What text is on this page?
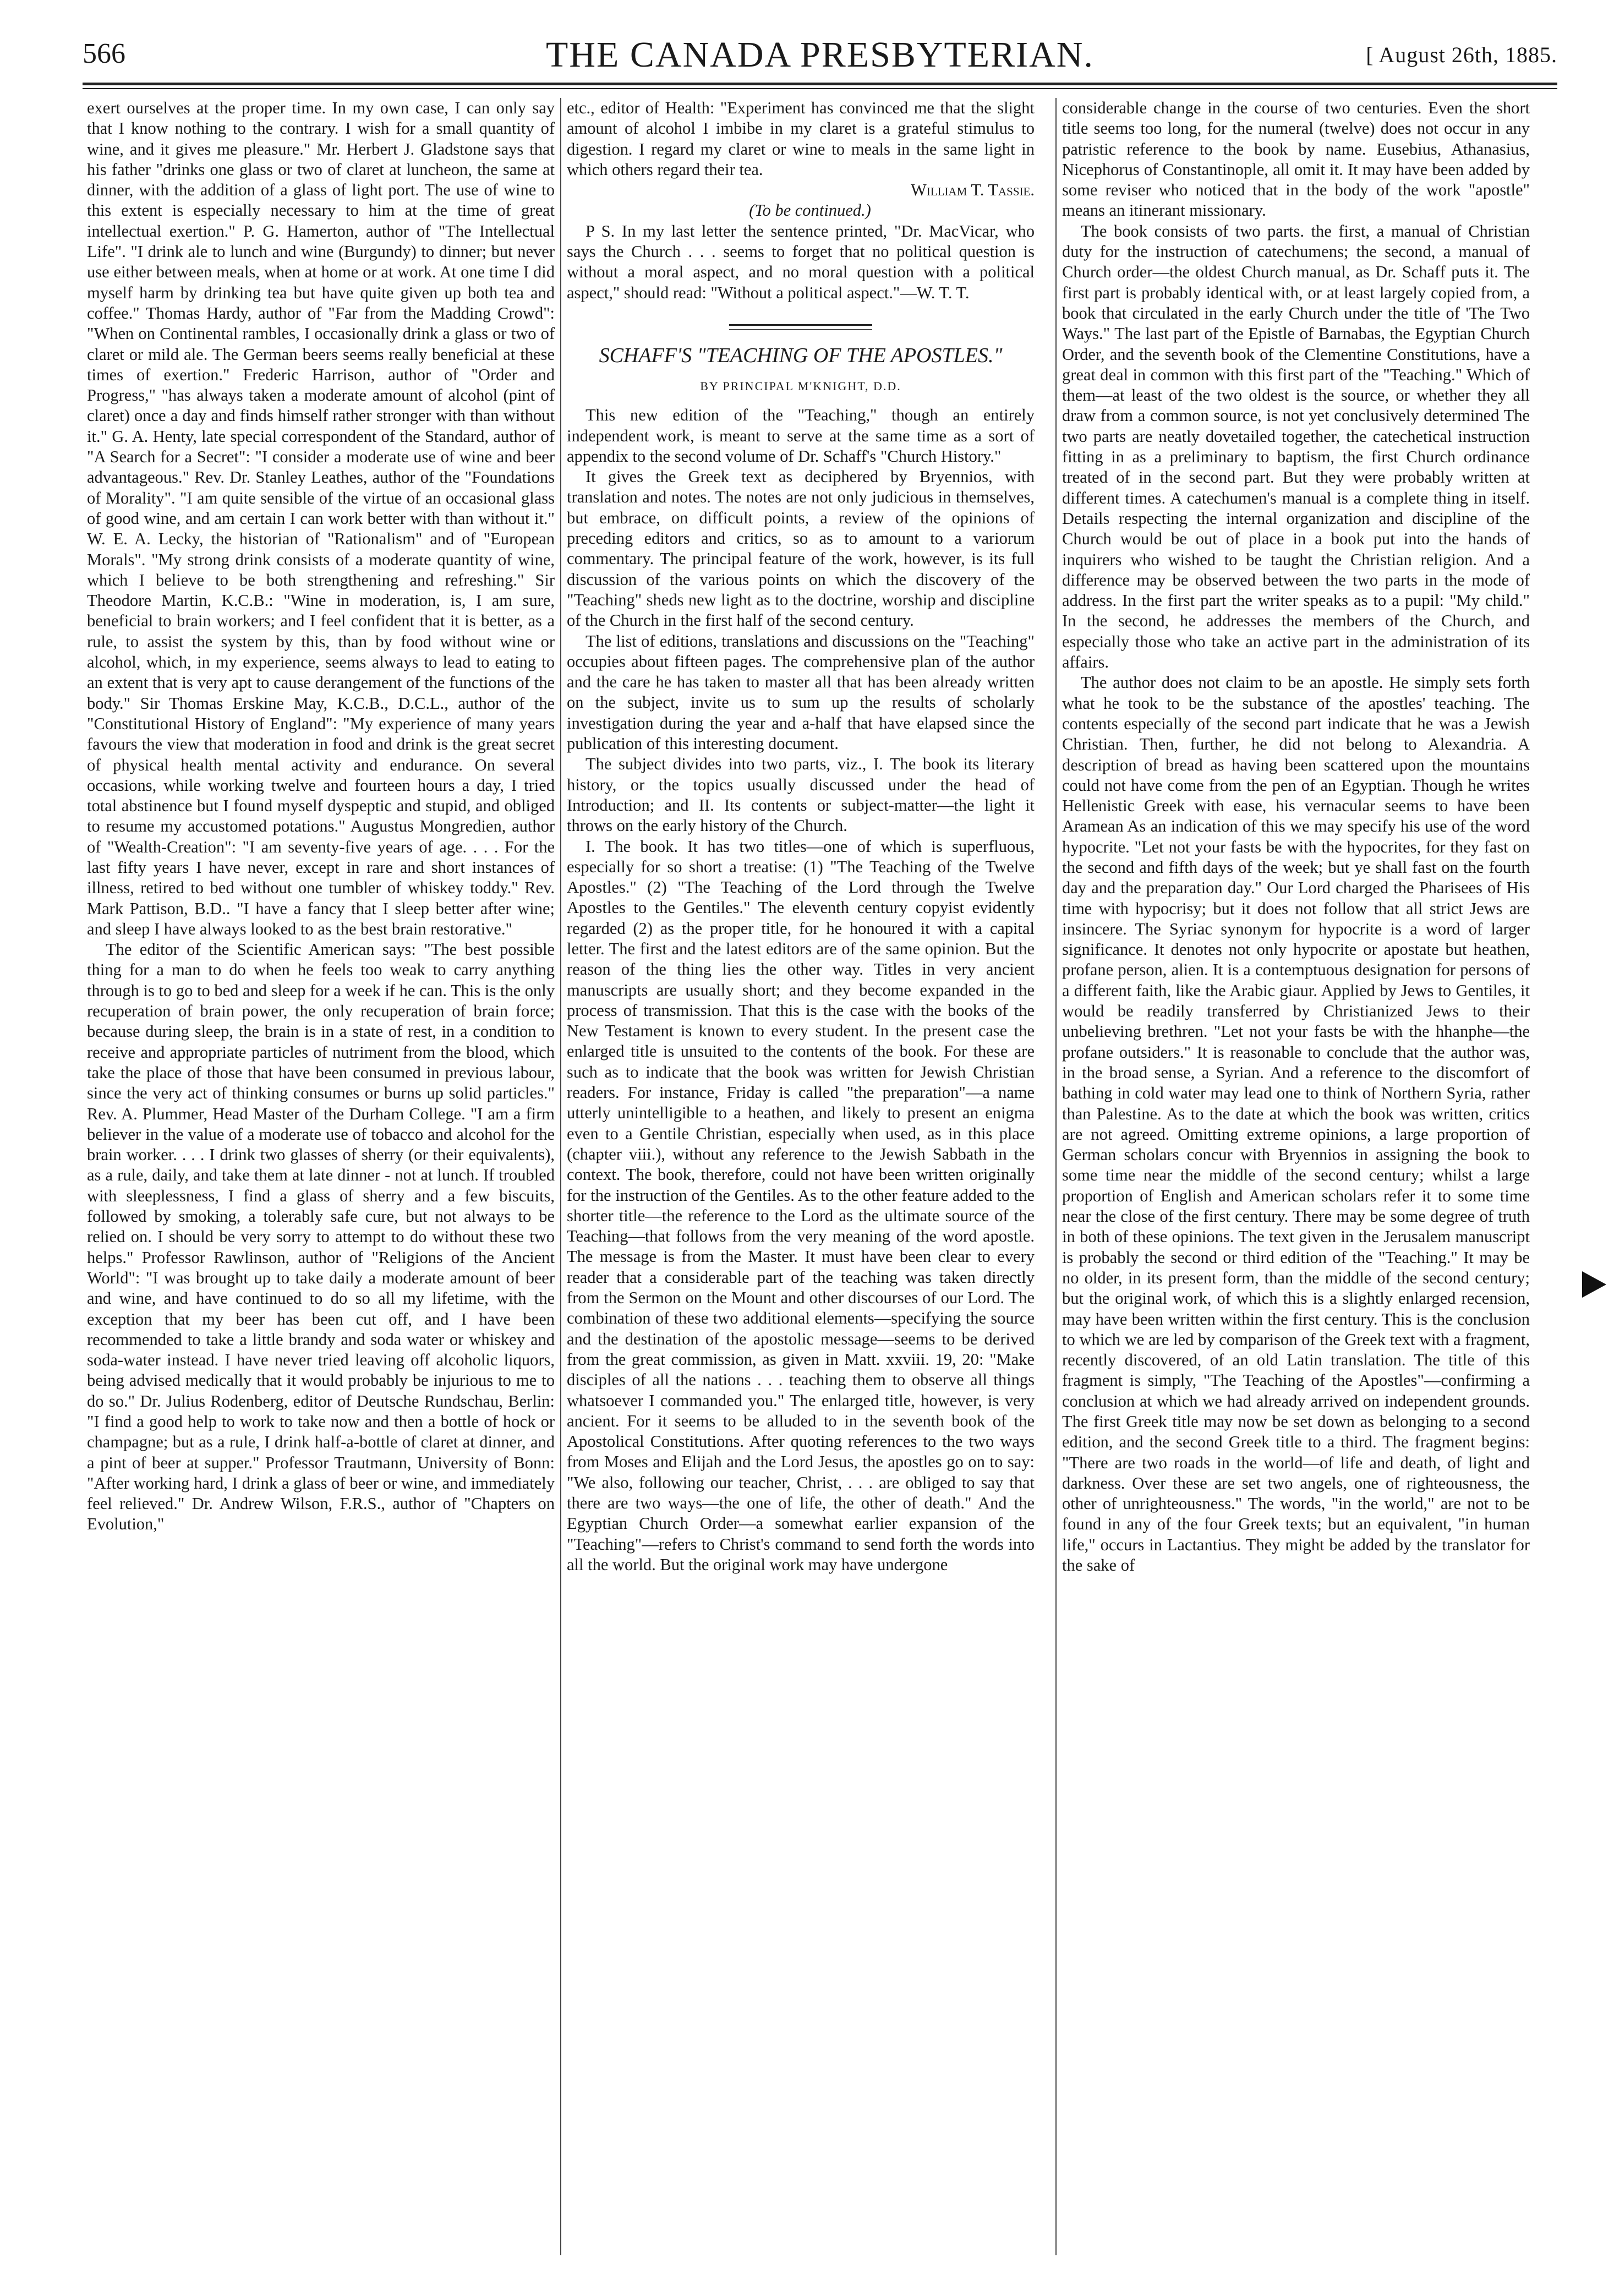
566	THE CANADA PRESBYTERIAN.	[ August 26th, 1885.

exert ourselves at the proper time. In my own case, I can only say that I know nothing to the contrary. I wish for a small quantity of wine, and it gives me pleasure." Mr. Herbert J. Gladstone says that his father "drinks one glass or two of claret at luncheon, the same at dinner, with the addition of a glass of light port. The use of wine to this extent is especially necessary to him at the time of great intellectual exertion." P. G. Hamerton, author of "The Intellectual Life". "I drink ale to lunch and wine (Burgundy) to dinner; but never use either between meals, when at home or at work. At one time I did myself harm by drinking tea but have quite given up both tea and coffee." Thomas Hardy, author of "Far from the Madding Crowd": "When on Continental rambles, I occasionally drink a glass or two of claret or mild ale. The German beers seems really beneficial at these times of exertion." Frederic Harrison, author of "Order and Progress," "has always taken a moderate amount of alcohol (pint of claret) once a day and finds himself rather stronger with than without it." G. A. Henty, late special correspondent of the Standard, author of "A Search for a Secret": "I consider a moderate use of wine and beer advantageous." Rev. Dr. Stanley Leathes, author of the "Foundations of Morality". "I am quite sensible of the virtue of an occasional glass of good wine, and am certain I can work better with than without it." W. E. A. Lecky, the historian of "Rationalism" and of "European Morals". "My strong drink consists of a moderate quantity of wine, which I believe to be both strengthening and refreshing." Sir Theodore Martin, K.C.B.: "Wine in moderation, is, I am sure, beneficial to brain workers; and I feel confident that it is better, as a rule, to assist the system by this, than by food without wine or alcohol, which, in my experience, seems always to lead to eating to an extent that is very apt to cause derangement of the functions of the body." Sir Thomas Erskine May, K.C.B., D.C.L., author of the "Constitutional History of England": "My experience of many years favours the view that moderation in food and drink is the great secret of physical health mental activity and endurance. On several occasions, while working twelve and fourteen hours a day, I tried total abstinence but I found myself dyspeptic and stupid, and obliged to resume my accustomed potations." Augustus Mongredien, author of "Wealth-Creation": "I am seventy-five years of age. . . . For the last fifty years I have never, except in rare and short instances of illness, retired to bed without one tumbler of whiskey toddy." Rev. Mark Pattison, B.D.. "I have a fancy that I sleep better after wine; and sleep I have always looked to as the best brain restorative."

The editor of the Scientific American says: "The best possible thing for a man to do when he feels too weak to carry anything through is to go to bed and sleep for a week if he can. This is the only recuperation of brain power, the only recuperation of brain force; because during sleep, the brain is in a state of rest, in a condition to receive and appropriate particles of nutriment from the blood, which take the place of those that have been consumed in previous labour, since the very act of thinking consumes or burns up solid particles." Rev. A. Plummer, Head Master of the Durham College. "I am a firm believer in the value of a moderate use of tobacco and alcohol for the brain worker. . . . I drink two glasses of sherry (or their equivalents), as a rule, daily, and take them at late dinner - not at lunch. If troubled with sleeplessness, I find a glass of sherry and a few biscuits, followed by smoking, a tolerably safe cure, but not always to be relied on. I should be very sorry to attempt to do without these two helps." Professor Rawlinson, author of "Religions of the Ancient World": "I was brought up to take daily a moderate amount of beer and wine, and have continued to do so all my lifetime, with the exception that my beer has been cut off, and I have been recommended to take a little brandy and soda water or whiskey and soda-water instead. I have never tried leaving off alcoholic liquors, being advised medically that it would probably be injurious to me to do so." Dr. Julius Rodenberg, editor of Deutsche Rundschau, Berlin: "I find a good help to work to take now and then a bottle of hock or champagne; but as a rule, I drink half-a-bottle of claret at dinner, and a pint of beer at supper." Professor Trautmann, University of Bonn: "After working hard, I drink a glass of beer or wine, and immediately feel relieved." Dr. Andrew Wilson, F.R.S., author of "Chapters on Evolution,"

etc., editor of Health: "Experiment has convinced me that the slight amount of alcohol I imbibe in my claret is a grateful stimulus to digestion. I regard my claret or wine to meals in the same light in which others regard their tea.

William T. Tassie.

(To be continued.)

P S. In my last letter the sentence printed, "Dr. MacVicar, who says the Church . . . seems to forget that no political question is without a moral aspect, and no moral question with a political aspect," should read: "Without a political aspect."—W. T. T.

SCHAFF'S "TEACHING OF THE APOSTLES."
BY PRINCIPAL M'KNIGHT, D.D.

This new edition of the "Teaching," though an entirely independent work, is meant to serve at the same time as a sort of appendix to the second volume of Dr. Schaff's "Church History."

It gives the Greek text as deciphered by Bryennios, with translation and notes. The notes are not only judicious in themselves, but embrace, on difficult points, a review of the opinions of preceding editors and critics, so as to amount to a variorum commentary. The principal feature of the work, however, is its full discussion of the various points on which the discovery of the "Teaching" sheds new light as to the doctrine, worship and discipline of the Church in the first half of the second century.

The list of editions, translations and discussions on the "Teaching" occupies about fifteen pages. The comprehensive plan of the author and the care he has taken to master all that has been already written on the subject, invite us to sum up the results of scholarly investigation during the year and a-half that have elapsed since the publication of this interesting document.

The subject divides into two parts, viz., I. The book its literary history, or the topics usually discussed under the head of Introduction; and II. Its contents or subject-matter—the light it throws on the early history of the Church.

I. The book. It has two titles—one of which is superfluous, especially for so short a treatise: (1) "The Teaching of the Twelve Apostles." (2) "The Teaching of the Lord through the Twelve Apostles to the Gentiles." The eleventh century copyist evidently regarded (2) as the proper title, for he honoured it with a capital letter. The first and the latest editors are of the same opinion. But the reason of the thing lies the other way. Titles in very ancient manuscripts are usually short; and they become expanded in the process of transmission. That this is the case with the books of the New Testament is known to every student. In the present case the enlarged title is unsuited to the contents of the book. For these are such as to indicate that the book was written for Jewish Christian readers. For instance, Friday is called "the preparation"—a name utterly unintelligible to a heathen, and likely to present an enigma even to a Gentile Christian, especially when used, as in this place (chapter viii.), without any reference to the Jewish Sabbath in the context. The book, therefore, could not have been written originally for the instruction of the Gentiles. As to the other feature added to the shorter title—the reference to the Lord as the ultimate source of the Teaching—that follows from the very meaning of the word apostle. The message is from the Master. It must have been clear to every reader that a considerable part of the teaching was taken directly from the Sermon on the Mount and other discourses of our Lord. The combination of these two additional elements—specifying the source and the destination of the apostolic message—seems to be derived from the great commission, as given in Matt. xxviii. 19, 20: "Make disciples of all the nations . . . teaching them to observe all things whatsoever I commanded you." The enlarged title, however, is very ancient. For it seems to be alluded to in the seventh book of the Apostolical Constitutions. After quoting references to the two ways from Moses and Elijah and the Lord Jesus, the apostles go on to say: "We also, following our teacher, Christ, . . . are obliged to say that there are two ways—the one of life, the other of death." And the Egyptian Church Order—a somewhat earlier expansion of the "Teaching"—refers to Christ's command to send forth the words into all the world. But the original work may have undergone

considerable change in the course of two centuries. Even the short title seems too long, for the numeral (twelve) does not occur in any patristic reference to the book by name. Eusebius, Athanasius, Nicephorus of Constantinople, all omit it. It may have been added by some reviser who noticed that in the body of the work "apostle" means an itinerant missionary.

The book consists of two parts. the first, a manual of Christian duty for the instruction of catechumens; the second, a manual of Church order—the oldest Church manual, as Dr. Schaff puts it. The first part is probably identical with, or at least largely copied from, a book that circulated in the early Church under the title of 'The Two Ways." The last part of the Epistle of Barnabas, the Egyptian Church Order, and the seventh book of the Clementine Constitutions, have a great deal in common with this first part of the "Teaching." Which of them—at least of the two oldest is the source, or whether they all draw from a common source, is not yet conclusively determined The two parts are neatly dovetailed together, the catechetical instruction fitting in as a preliminary to baptism, the first Church ordinance treated of in the second part. But they were probably written at different times. A catechumen's manual is a complete thing in itself. Details respecting the internal organization and discipline of the Church would be out of place in a book put into the hands of inquirers who wished to be taught the Christian religion. And a difference may be observed between the two parts in the mode of address. In the first part the writer speaks as to a pupil: "My child." In the second, he addresses the members of the Church, and especially those who take an active part in the administration of its affairs.

The author does not claim to be an apostle. He simply sets forth what he took to be the substance of the apostles' teaching. The contents especially of the second part indicate that he was a Jewish Christian. Then, further, he did not belong to Alexandria. A description of bread as having been scattered upon the mountains could not have come from the pen of an Egyptian. Though he writes Hellenistic Greek with ease, his vernacular seems to have been Aramean As an indication of this we may specify his use of the word hypocrite. "Let not your fasts be with the hypocrites, for they fast on the second and fifth days of the week; but ye shall fast on the fourth day and the preparation day." Our Lord charged the Pharisees of His time with hypocrisy; but it does not follow that all strict Jews are insincere. The Syriac synonym for hypocrite is a word of larger significance. It denotes not only hypocrite or apostate but heathen, profane person, alien. It is a contemptuous designation for persons of a different faith, like the Arabic giaur. Applied by Jews to Gentiles, it would be readily transferred by Christianized Jews to their unbelieving brethren. "Let not your fasts be with the hhanphe—the profane outsiders." It is reasonable to conclude that the author was, in the broad sense, a Syrian. And a reference to the discomfort of bathing in cold water may lead one to think of Northern Syria, rather than Palestine. As to the date at which the book was written, critics are not agreed. Omitting extreme opinions, a large proportion of German scholars concur with Bryennios in assigning the book to some time near the middle of the second century; whilst a large proportion of English and American scholars refer it to some time near the close of the first century. There may be some degree of truth in both of these opinions. The text given in the Jerusalem manuscript is probably the second or third edition of the "Teaching." It may be no older, in its present form, than the middle of the second century; but the original work, of which this is a slightly enlarged recension, may have been written within the first century. This is the conclusion to which we are led by comparison of the Greek text with a fragment, recently discovered, of an old Latin translation. The title of this fragment is simply, "The Teaching of the Apostles"—confirming a conclusion at which we had already arrived on independent grounds. The first Greek title may now be set down as belonging to a second edition, and the second Greek title to a third. The fragment begins: "There are two roads in the world—of life and death, of light and darkness. Over these are set two angels, one of righteousness, the other of unrighteousness." The words, "in the world," are not to be found in any of the four Greek texts; but an equivalent, "in human life," occurs in Lactantius. They might be added by the translator for the sake of
